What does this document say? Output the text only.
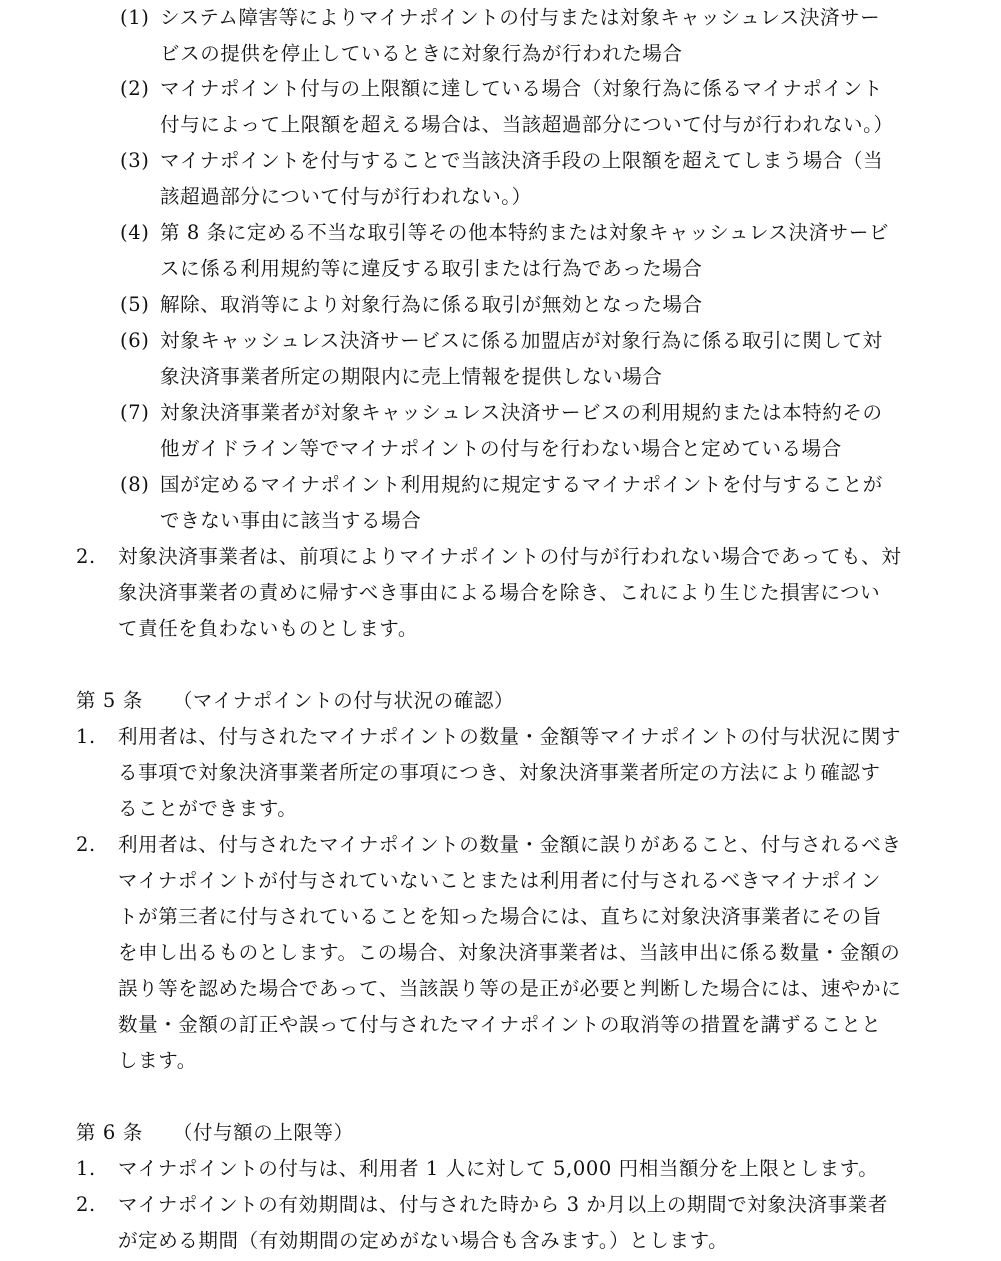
(1) システム障害等によりマイナポイントの付与または対象キャッシュレス決済サー
ビスの提供を停止しているときに対象行為が行われた場合
(2) マイナポイント付与の上限額に達している場合（対象行為に係るマイナポイント
付与によって上限額を超える場合は、当該超過部分について付与が行われない。）
(3) マイナポイントを付与することで当該決済手段の上限額を超えてしまう場合（当
該超過部分について付与が行われない。）
(4) 第 8 条に定める不当な取引等その他本特約または対象キャッシュレス決済サービ
スに係る利用規約等に違反する取引または行為であった場合
(5) 解除、取消等により対象行為に係る取引が無効となった場合
(6) 対象キャッシュレス決済サービスに係る加盟店が対象行為に係る取引に関して対
象決済事業者所定の期限内に売上情報を提供しない場合
(7) 対象決済事業者が対象キャッシュレス決済サービスの利用規約または本特約その
他ガイドライン等でマイナポイントの付与を行わない場合と定めている場合
(8) 国が定めるマイナポイント利用規約に規定するマイナポイントを付与することが
できない事由に該当する場合
2. 対象決済事業者は、前項によりマイナポイントの付与が行われない場合であっても、対
象決済事業者の責めに帰すべき事由による場合を除き、これにより生じた損害につい
て責任を負わないものとします。
第 5 条 （マイナポイントの付与状況の確認）
1. 利用者は、付与されたマイナポイントの数量・金額等マイナポイントの付与状況に関す
る事項で対象決済事業者所定の事項につき、対象決済事業者所定の方法により確認す
ることができます。
2. 利用者は、付与されたマイナポイントの数量・金額に誤りがあること、付与されるべき
マイナポイントが付与されていないことまたは利用者に付与されるべきマイナポイン
トが第三者に付与されていることを知った場合には、直ちに対象決済事業者にその旨
を申し出るものとします。この場合、対象決済事業者は、当該申出に係る数量・金額の
誤り等を認めた場合であって、当該誤り等の是正が必要と判断した場合には、速やかに
数量・金額の訂正や誤って付与されたマイナポイントの取消等の措置を講ずることと
します。
第 6 条 （付与額の上限等）
1. マイナポイントの付与は、利用者 1 人に対して 5,000 円相当額分を上限とします。
2. マイナポイントの有効期間は、付与された時から 3 か月以上の期間で対象決済事業者
が定める期間（有効期間の定めがない場合も含みます。）とします。
